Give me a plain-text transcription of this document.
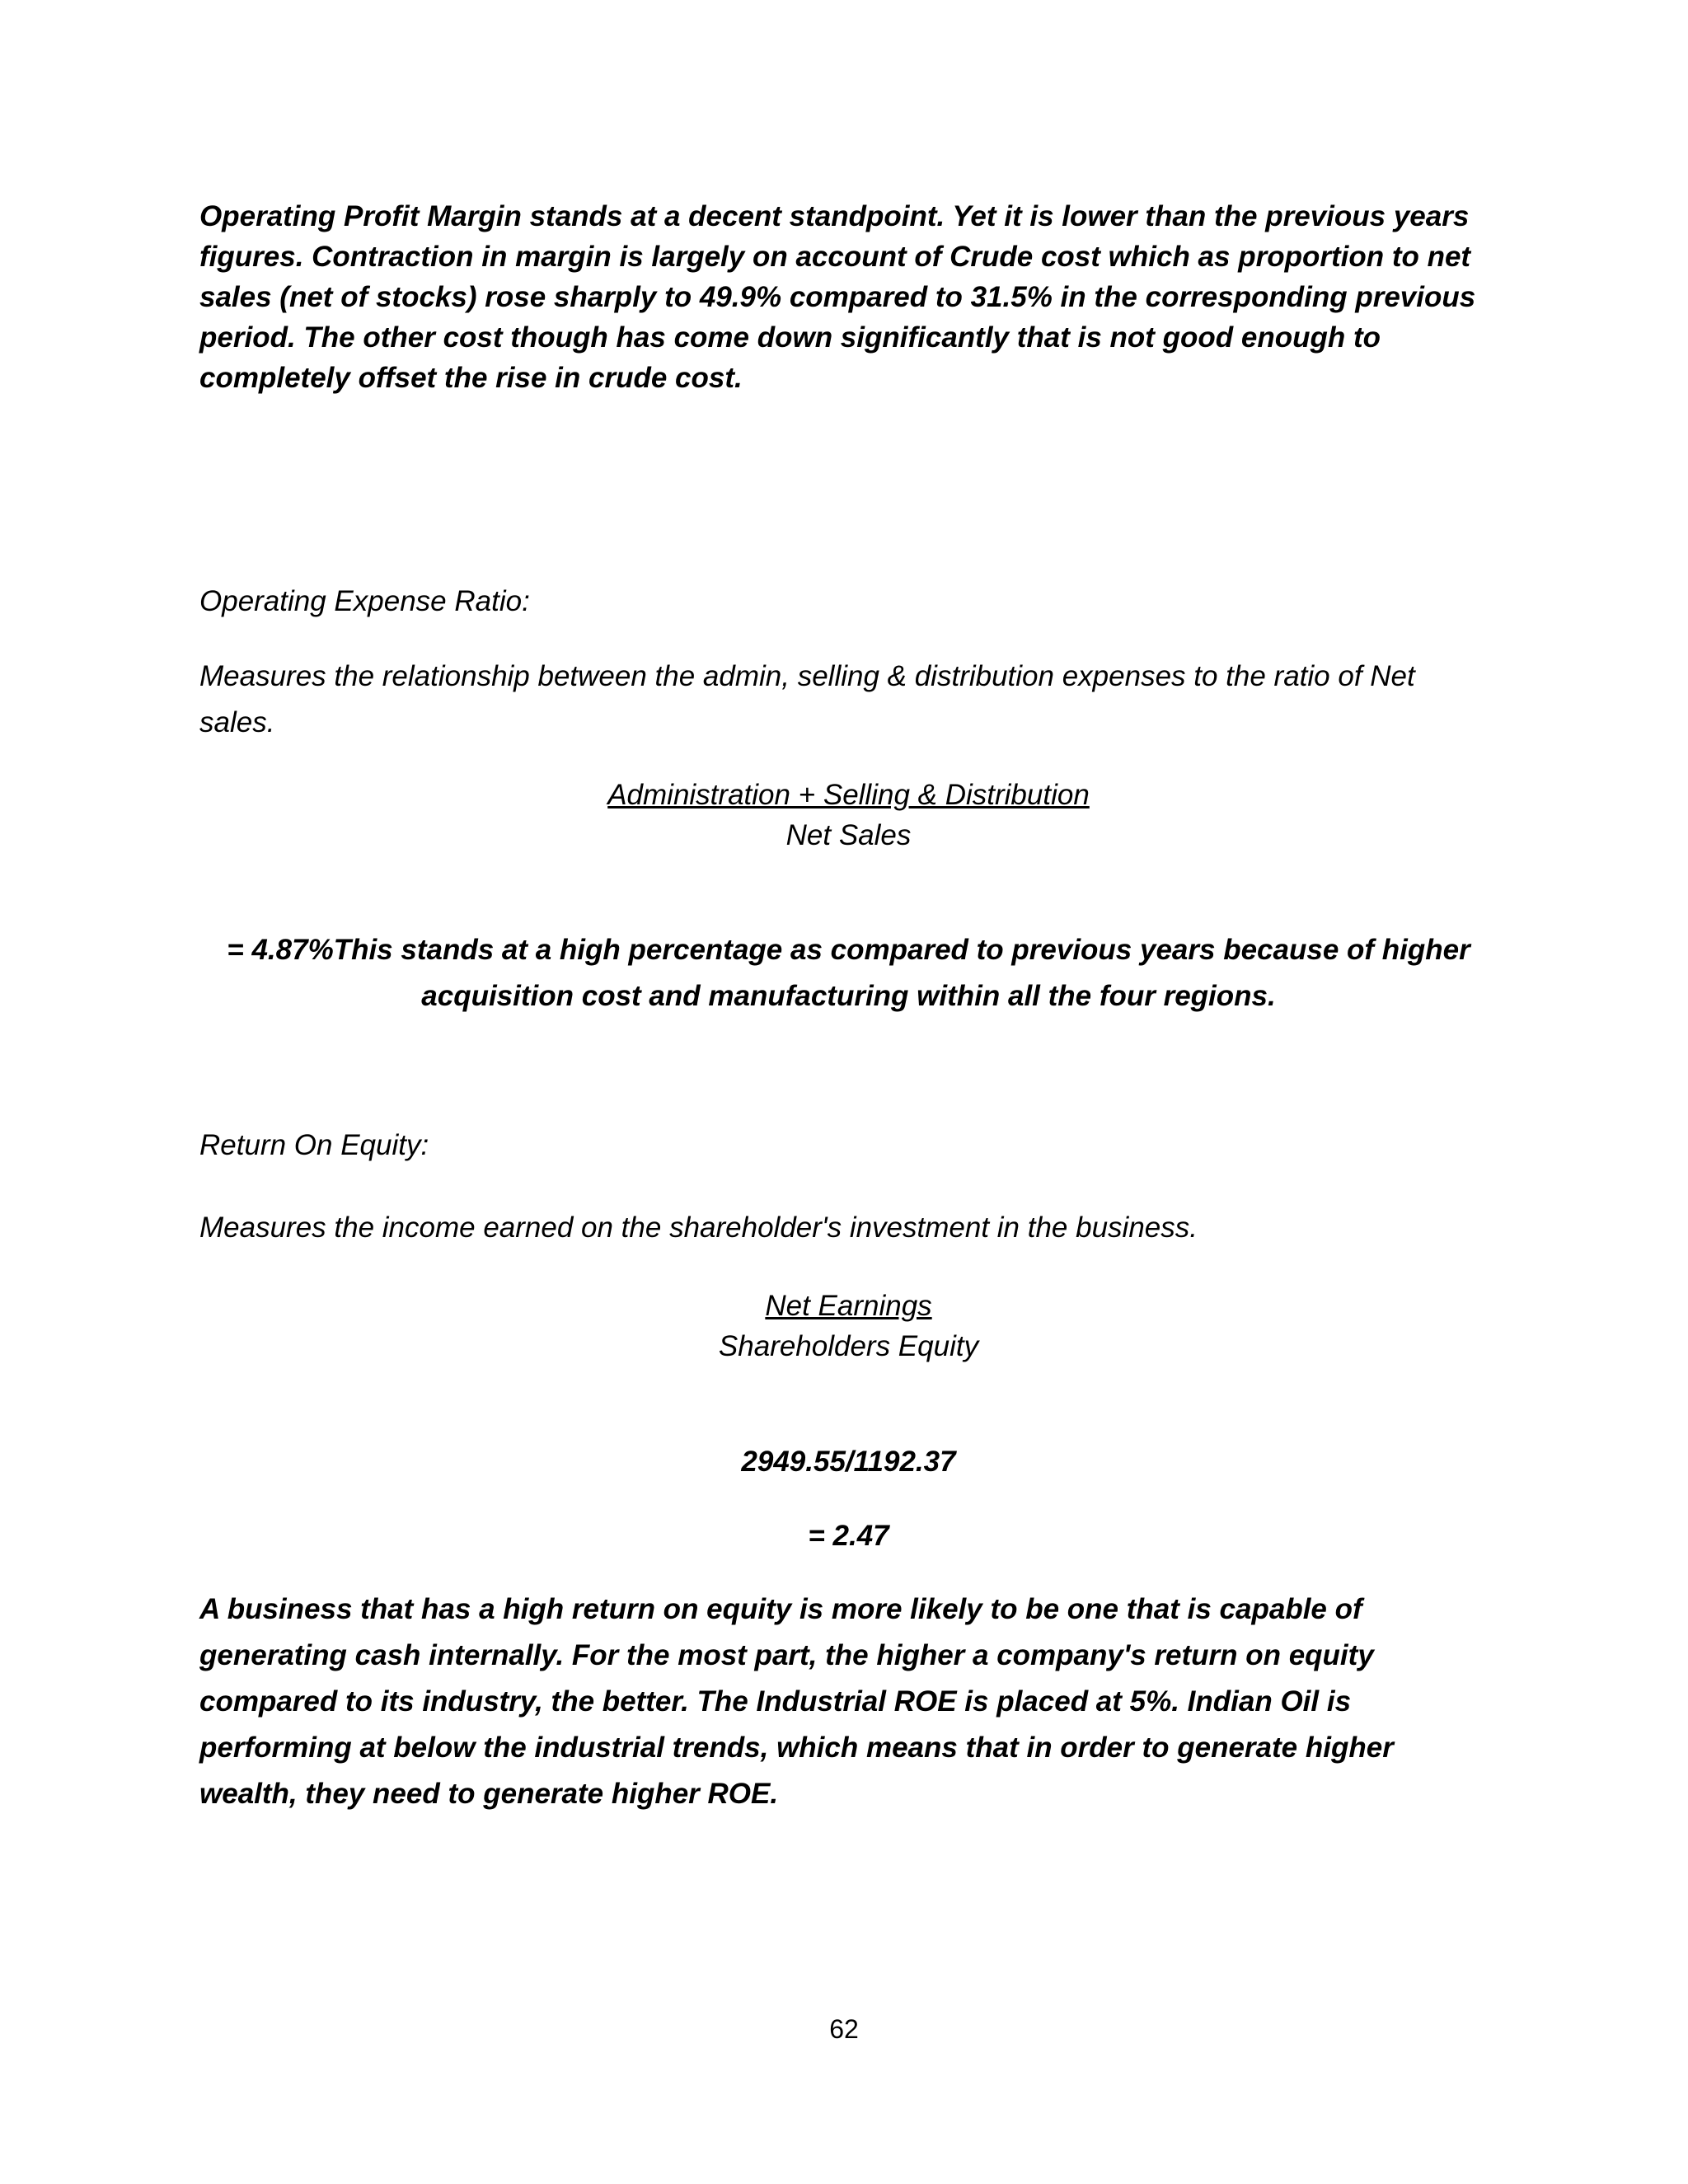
Operating Profit Margin stands at a decent standpoint. Yet it is lower than the previous years figures. Contraction in margin is largely on account of Crude cost which as proportion to net sales (net of stocks) rose sharply to 49.9% compared to 31.5% in the corresponding previous period. The other cost though has come down significantly that is not good enough to completely offset the rise in crude cost.

Operating Expense Ratio:

Measures the relationship between the admin, selling & distribution expenses to the ratio of Net sales.

Administration + Selling & Distribution
Net Sales

= 4.87%This stands at a high percentage as compared to previous years because of higher acquisition cost and manufacturing within all the four regions.

Return On Equity:

Measures the income earned on the shareholder's investment in the business.

Net Earnings
Shareholders Equity

2949.55/1192.37

= 2.47

A business that has a high return on equity is more likely to be one that is capable of generating cash internally. For the most part, the higher a company's return on equity compared to its industry, the better. The Industrial ROE is placed at 5%. Indian Oil is performing at below the industrial trends, which means that in order to generate higher wealth, they need to generate higher ROE.

62
